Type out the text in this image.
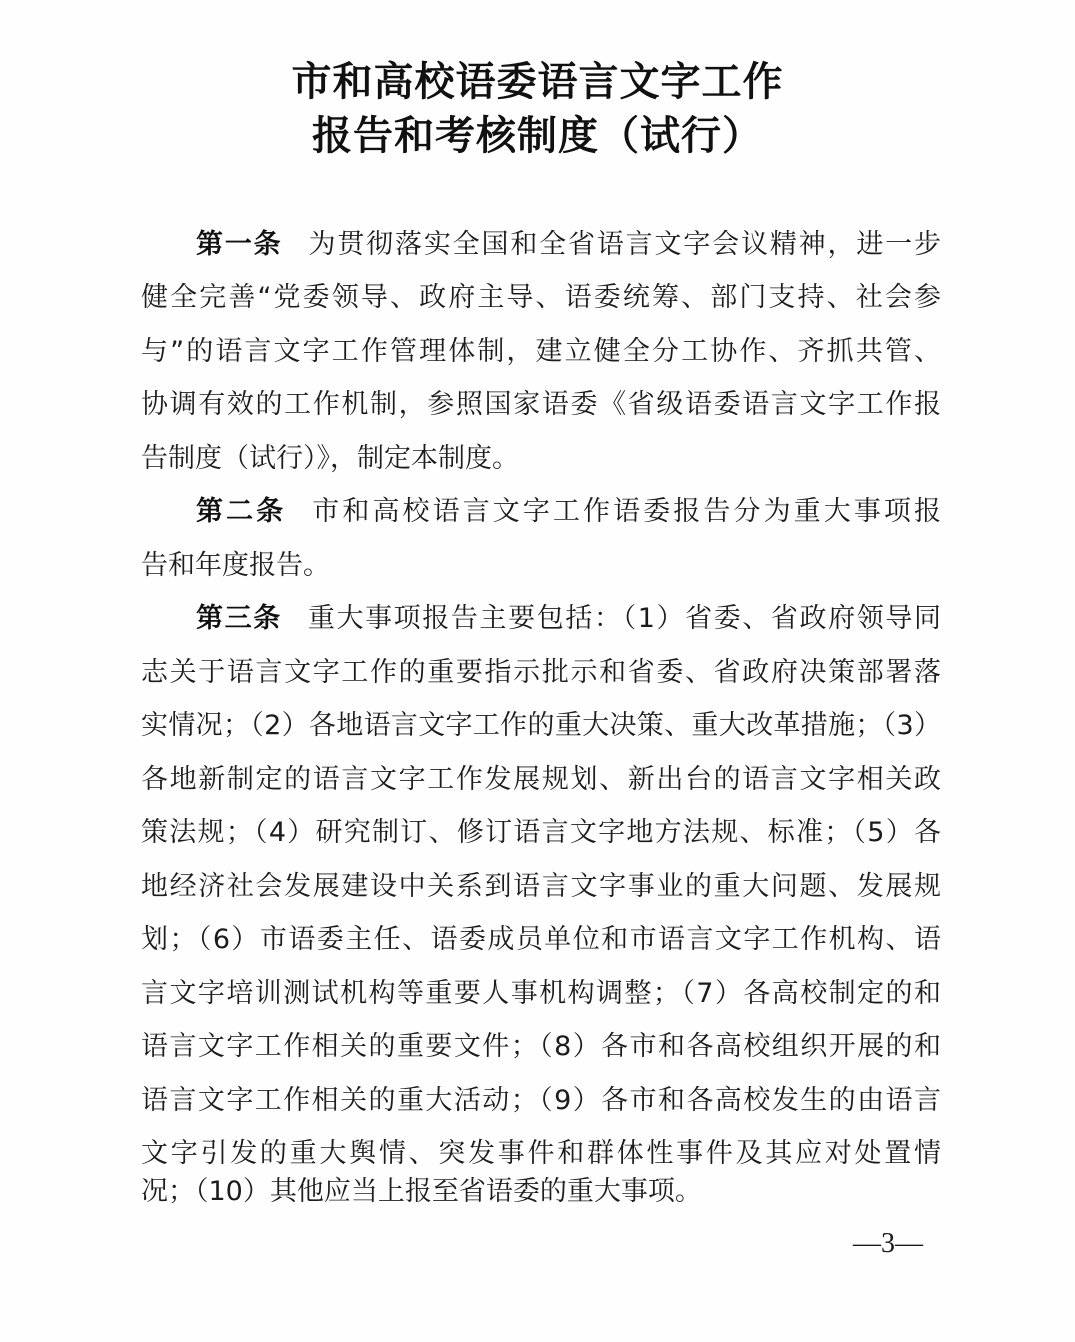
市和高校语委语言文字工作
报告和考核制度（试行）
第一条 为贯彻落实全国和全省语言文字会议精神，进一步
健全完善“党委领导、政府主导、语委统筹、部门支持、社会参
与”的语言文字工作管理体制，建立健全分工协作、齐抓共管、
协调有效的工作机制，参照国家语委《省级语委语言文字工作报
告制度（试行）》，制定本制度。
第二条 市和高校语言文字工作语委报告分为重大事项报
告和年度报告。
第三条 重大事项报告主要包括：（1）省委、省政府领导同
志关于语言文字工作的重要指示批示和省委、省政府决策部署落
实情况；（2）各地语言文字工作的重大决策、重大改革措施；（3）
各地新制定的语言文字工作发展规划、新出台的语言文字相关政
策法规；（4）研究制订、修订语言文字地方法规、标准；（5）各
地经济社会发展建设中关系到语言文字事业的重大问题、发展规
划；（6）市语委主任、语委成员单位和市语言文字工作机构、语
言文字培训测试机构等重要人事机构调整；（7）各高校制定的和
语言文字工作相关的重要文件；（8）各市和各高校组织开展的和
语言文字工作相关的重大活动；（9）各市和各高校发生的由语言
文字引发的重大舆情、突发事件和群体性事件及其应对处置情
况；（10）其他应当上报至省语委的重大事项。
—3—
